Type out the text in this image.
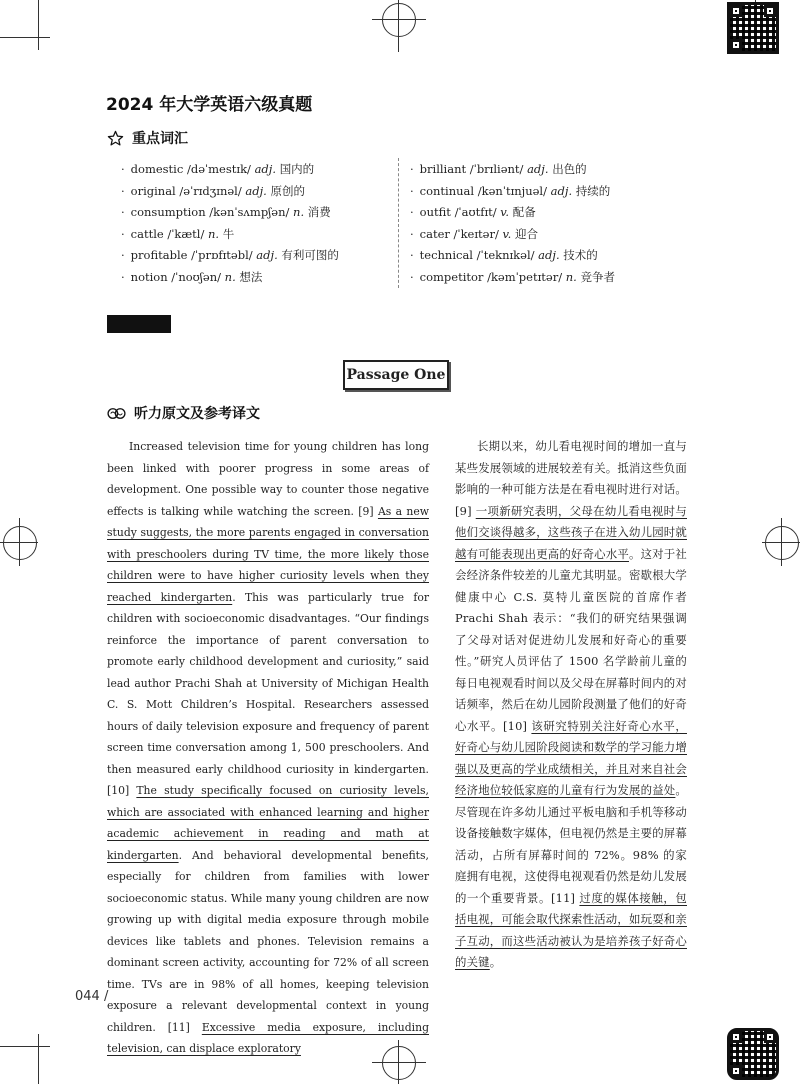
2024 年大学英语六级真题
重点词汇
· domestic /dəˈmestɪk/ adj. 国内的
· original /əˈrɪdʒɪnəl/ adj. 原创的
· consumption /kənˈsʌmpʃən/ n. 消费
· cattle /ˈkætl/ n. 牛
· profitable /ˈprɒfɪtəbl/ adj. 有利可图的
· notion /ˈnoʊʃən/ n. 想法
· brilliant /ˈbrɪliənt/ adj. 出色的
· continual /kənˈtɪnjuəl/ adj. 持续的
· outfit /ˈaʊtfɪt/ v. 配备
· cater /ˈkeɪtər/ v. 迎合
· technical /ˈteknɪkəl/ adj. 技术的
· competitor /kəmˈpetɪtər/ n. 竞争者
Passage One
听力原文及参考译文
Increased television time for young children has long been linked with poorer progress in some areas of development. One possible way to counter those negative effects is talking while watching the screen. [9] As a new study suggests, the more parents engaged in conversation with preschoolers during TV time, the more likely those children were to have higher curiosity levels when they reached kindergarten. This was particularly true for children with socioeconomic disadvantages. “Our findings reinforce the importance of parent conversation to promote early childhood development and curiosity,” said lead author Prachi Shah at University of Michigan Health C. S. Mott Children’s Hospital. Researchers assessed hours of daily television exposure and frequency of parent screen time conversation among 1, 500 preschoolers. And then measured early childhood curiosity in kindergarten. [10] The study specifically focused on curiosity levels, which are associated with enhanced learning and higher academic achievement in reading and math at kindergarten. And behavioral developmental benefits, especially for children from families with lower socioeconomic status. While many young children are now growing up with digital media exposure through mobile devices like tablets and phones. Television remains a dominant screen activity, accounting for 72% of all screen time. TVs are in 98% of all homes, keeping television exposure a relevant developmental context in young children. [11] Excessive media exposure, including television, can displace exploratory
长期以来，幼儿看电视时间的增加一直与某些发展领域的进展较差有关。抵消这些负面影响的一种可能方法是在看电视时进行对话。[9] 一项新研究表明，父母在幼儿看电视时与他们交谈得越多，这些孩子在进入幼儿园时就越有可能表现出更高的好奇心水平。这对于社会经济条件较差的儿童尤其明显。密歇根大学健康中心 C.S. 莫特儿童医院的首席作者 Prachi Shah 表示：“我们的研究结果强调了父母对话对促进幼儿发展和好奇心的重要性。”研究人员评估了 1500 名学龄前儿童的每日电视观看时间以及父母在屏幕时间内的对话频率，然后在幼儿园阶段测量了他们的好奇心水平。[10] 该研究特别关注好奇心水平，好奇心与幼儿园阶段阅读和数学的学习能力增强以及更高的学业成绩相关，并且对来自社会经济地位较低家庭的儿童有行为发展的益处。尽管现在许多幼儿通过平板电脑和手机等移动设备接触数字媒体，但电视仍然是主要的屏幕活动，占所有屏幕时间的 72%。98% 的家庭拥有电视，这使得电视观看仍然是幼儿发展的一个重要背景。[11] 过度的媒体接触，包括电视，可能会取代探索性活动，如玩耍和亲子互动，而这些活动被认为是培养孩子好奇心的关键。
044 /
